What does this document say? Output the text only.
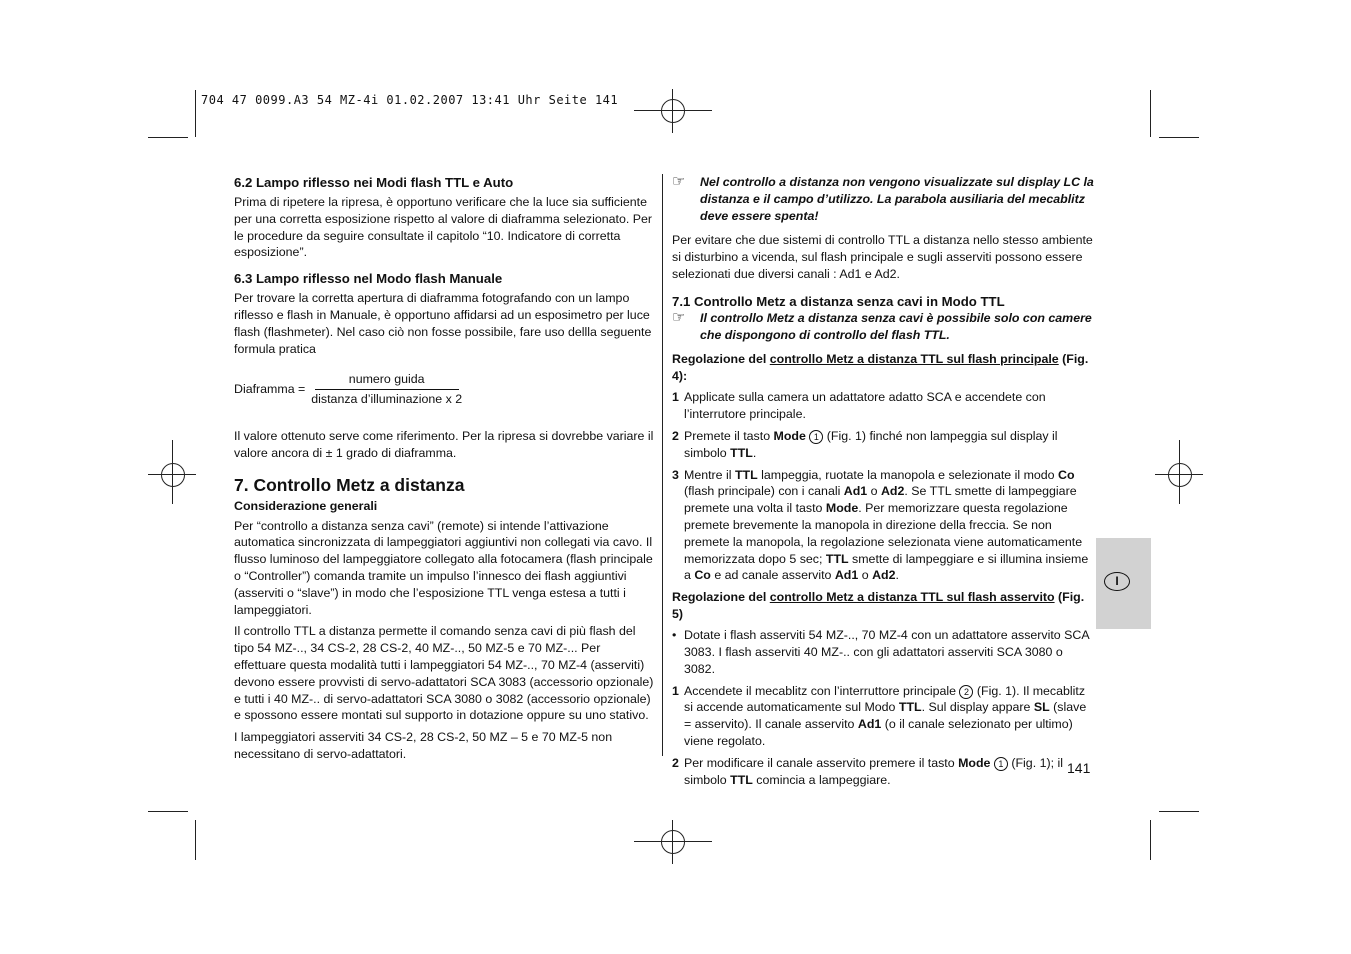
704 47 0099.A3 54 MZ-4i 01.02.2007 13:41 Uhr Seite 141
6.2 Lampo riflesso nei Modi flash TTL e Auto

Prima di ripetere la ripresa, è opportuno verificare che la luce sia sufficiente per una corretta esposizione rispetto al valore di diaframma selezionato. Per le procedure da seguire consultate il capitolo “10. Indicatore di corretta esposizione”.

6.3 Lampo riflesso nel Modo flash Manuale

Per trovare la corretta apertura di diaframma fotografando con un lampo riflesso e flash in Manuale, è opportuno affidarsi ad un esposimetro per luce flash (flashmeter). Nel caso ciò non fosse possibile, fare uso dellla seguente formula pratica

Diaframma = $\frac{\text{numero guida}}{\text{distanza d’illuminazione x 2}}$

Il valore ottenuto serve come riferimento. Per la ripresa si dovrebbe variare il valore ancora di ± 1 grado di diaframma.

7. Controllo Metz a distanza
Considerazione generali

Per “controllo a distanza senza cavi” (remote) si intende l’attivazione automatica sincronizzata di lampeggiatori aggiuntivi non collegati via cavo. Il flusso luminoso del lampeggiatore collegato alla fotocamera (flash principale o “Controller”) comanda tramite un impulso l’innesco dei flash aggiuntivi (asserviti o “slave”) in modo che l’esposizione TTL venga estesa a tutti i lampeggiatori.

Il controllo TTL a distanza permette il comando senza cavi di più flash del tipo 54 MZ-.., 34 CS-2, 28 CS-2, 40 MZ-.., 50 MZ-5 e 70 MZ-... Per effettuare questa modalità tutti i lampeggiatori 54 MZ-.., 70 MZ-4 (asserviti) devono essere provvisti di servo-adattatori SCA 3083 (accessorio opzionale) e tutti i 40 MZ-.. di servo-adattatori SCA 3080 o 3082 (accessorio opzionale) e spossono essere montati sul supporto in dotazione oppure su uno stativo.

I lampeggiatori asserviti 34 CS-2, 28 CS-2, 50 MZ – 5 e 70 MZ-5 non necessitano di servo-adattatori.

☞	Nel controllo a distanza non vengono visualizzate sul display LC la distanza e il campo d’utilizzo. La parabola ausiliaria del mecablitz deve essere spenta!

Per evitare che due sistemi di controllo TTL a distanza nello stesso ambiente si disturbino a vicenda, sul flash principale e sugli asserviti possono essere selezionati due diversi canali : Ad1 e Ad2.

7.1 Controllo Metz a distanza senza cavi in Modo TTL
☞	Il controllo Metz a distanza senza cavi è possibile solo con camere che dispongono di controllo del flash TTL.
Regolazione del controllo Metz a distanza TTL sul flash principale (Fig. 4):
1 Applicate sulla camera un adattatore adatto SCA e accendete con l’interrutore principale.
2 Premete il tasto Mode 1 (Fig. 1) finché non lampeggia sul display il simbolo TTL.
3 Mentre il TTL lampeggia, ruotate la manopola e selezionate il modo Co (flash principale) con i canali Ad1 o Ad2. Se TTL smette di lampeggiare premete una volta il tasto Mode. Per memorizzare questa regolazione premete brevemente la manopola in direzione della freccia. Se non premete la manopola, la regolazione selezionata viene automaticamente memorizzata dopo 5 sec; TTL smette di lampeggiare e si illumina insieme a Co e ad canale asservito Ad1 o Ad2.
Regolazione del controllo Metz a distanza TTL sul flash asservito (Fig. 5)
• Dotate i flash asserviti 54 MZ-.., 70 MZ-4 con un adattatore asservito SCA 3083. I flash asserviti 40 MZ-.. con gli adattatori asserviti SCA 3080 o 3082.
1 Accendete il mecablitz con l’interruttore principale 2 (Fig. 1). Il mecablitz si accende automaticamente sul Modo TTL. Sul display appare SL (slave = asservito). Il canale asservito Ad1 (o il canale selezionato per ultimo) viene regolato.
2 Per modificare il canale asservito premere il tasto Mode 1 (Fig. 1); il simbolo TTL comincia a lampeggiare.
I
141
